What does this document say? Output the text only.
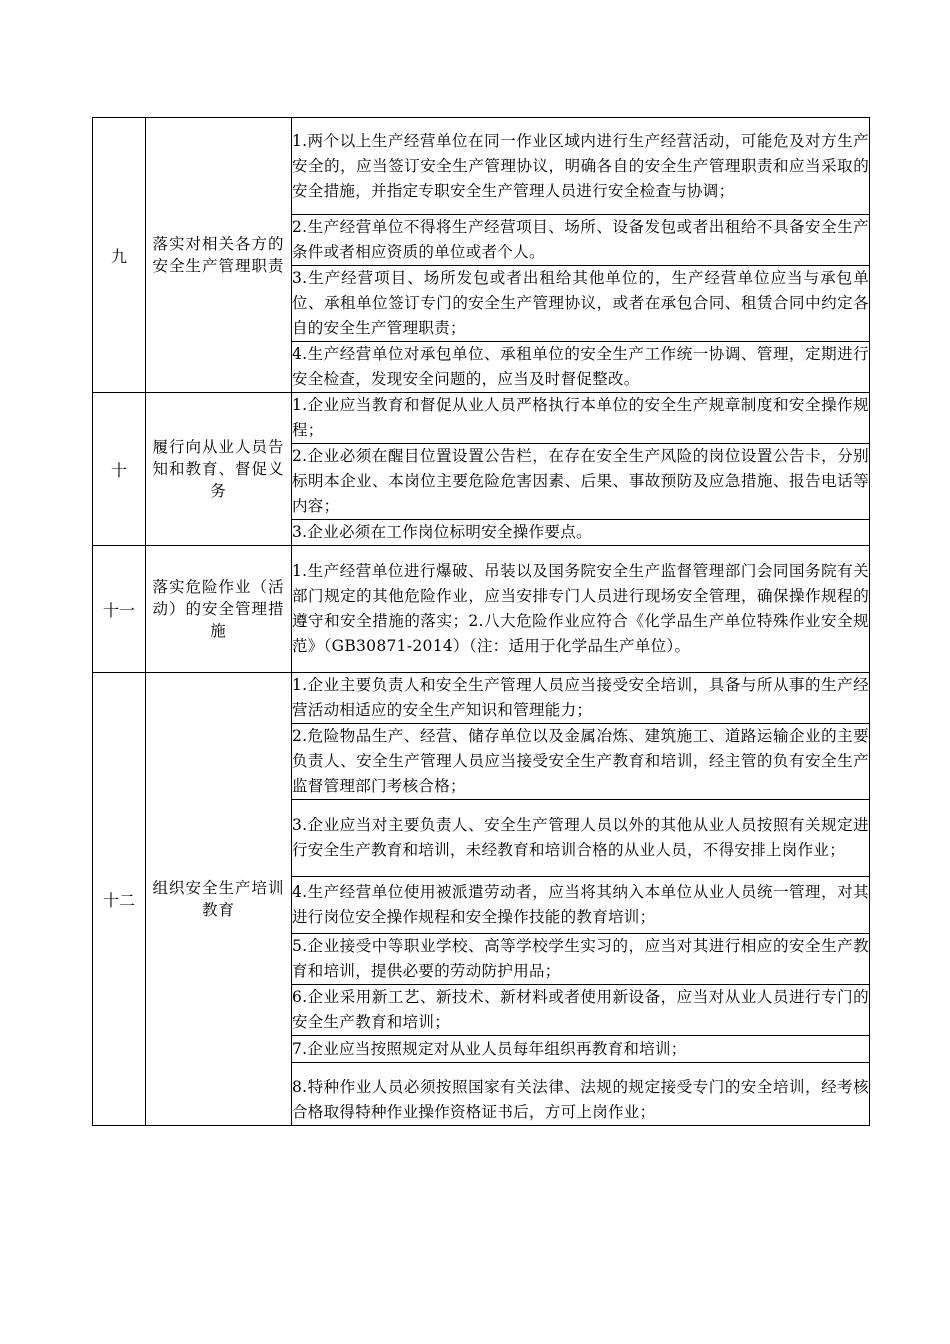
九	落实对相关各方的安全生产管理职责	1.两个以上生产经营单位在同一作业区域内进行生产经营活动，可能危及对方生产安全的，应当签订安全生产管理协议，明确各自的安全生产管理职责和应当采取的安全措施，并指定专职安全生产管理人员进行安全检查与协调；
		2.生产经营单位不得将生产经营项目、场所、设备发包或者出租给不具备安全生产条件或者相应资质的单位或者个人。
		3.生产经营项目、场所发包或者出租给其他单位的，生产经营单位应当与承包单位、承租单位签订专门的安全生产管理协议，或者在承包合同、租赁合同中约定各自的安全生产管理职责；
		4.生产经营单位对承包单位、承租单位的安全生产工作统一协调、管理，定期进行安全检查，发现安全问题的，应当及时督促整改。
十	履行向从业人员告知和教育、督促义务	1.企业应当教育和督促从业人员严格执行本单位的安全生产规章制度和安全操作规程；
		2.企业必须在醒目位置设置公告栏，在存在安全生产风险的岗位设置公告卡，分别标明本企业、本岗位主要危险危害因素、后果、事故预防及应急措施、报告电话等内容；
		3.企业必须在工作岗位标明安全操作要点。
十一	落实危险作业（活动）的安全管理措施	1.生产经营单位进行爆破、吊装以及国务院安全生产监督管理部门会同国务院有关部门规定的其他危险作业，应当安排专门人员进行现场安全管理，确保操作规程的遵守和安全措施的落实；2.八大危险作业应符合《化学品生产单位特殊作业安全规范》（GB30871-2014）（注：适用于化学品生产单位）。
十二	组织安全生产培训教育	1.企业主要负责人和安全生产管理人员应当接受安全培训，具备与所从事的生产经营活动相适应的安全生产知识和管理能力；
		2.危险物品生产、经营、储存单位以及金属冶炼、建筑施工、道路运输企业的主要负责人、安全生产管理人员应当接受安全生产教育和培训，经主管的负有安全生产监督管理部门考核合格；
		3.企业应当对主要负责人、安全生产管理人员以外的其他从业人员按照有关规定进行安全生产教育和培训，未经教育和培训合格的从业人员，不得安排上岗作业；
		4.生产经营单位使用被派遣劳动者，应当将其纳入本单位从业人员统一管理，对其进行岗位安全操作规程和安全操作技能的教育培训；
		5.企业接受中等职业学校、高等学校学生实习的，应当对其进行相应的安全生产教育和培训，提供必要的劳动防护用品；
		6.企业采用新工艺、新技术、新材料或者使用新设备，应当对从业人员进行专门的安全生产教育和培训；
		7.企业应当按照规定对从业人员每年组织再教育和培训；
		8.特种作业人员必须按照国家有关法律、法规的规定接受专门的安全培训，经考核合格取得特种作业操作资格证书后，方可上岗作业；
